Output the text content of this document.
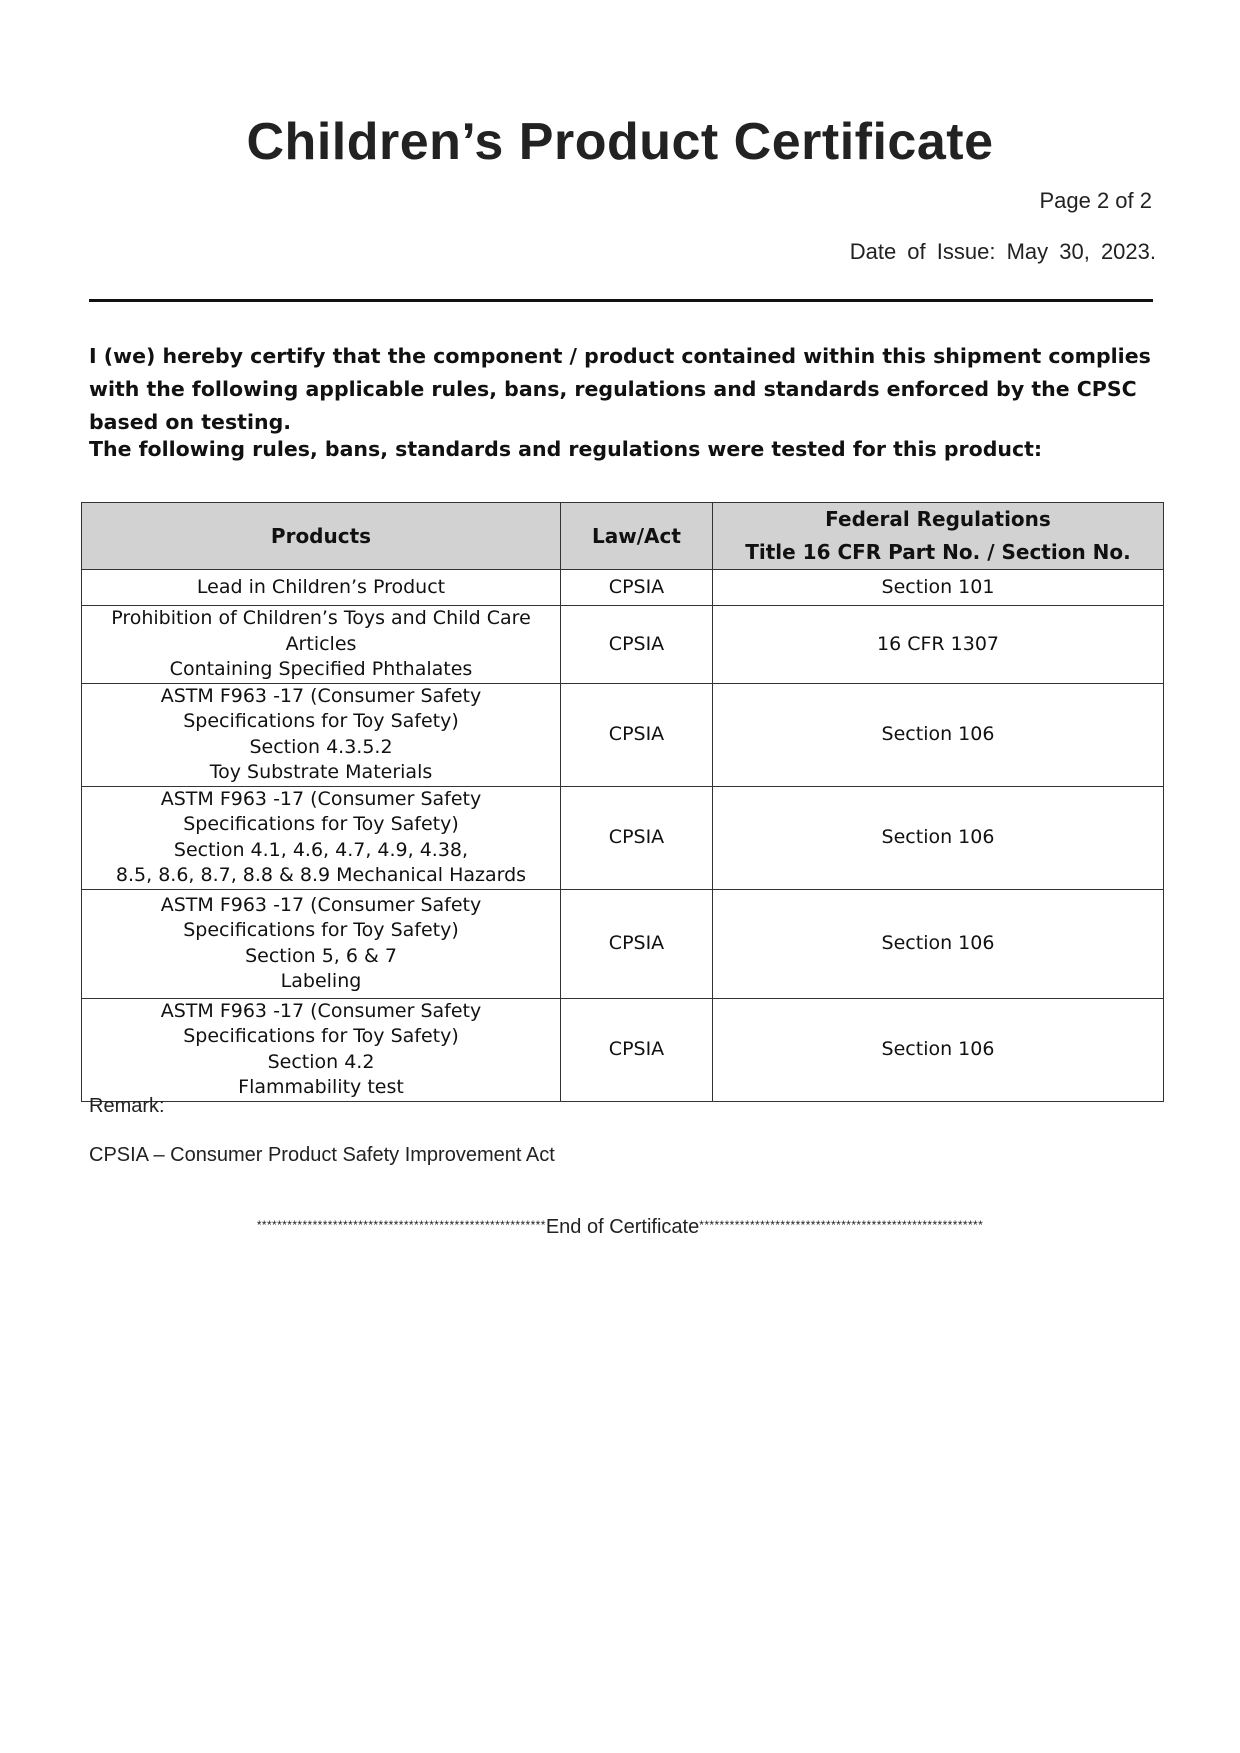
Children’s Product Certificate
Page 2 of 2
Date of Issue: May 30, 2023.
I (we) hereby certify that the component / product contained within this shipment complies with the following applicable rules, bans, regulations and standards enforced by the CPSC based on testing.
The following rules, bans, standards and regulations were tested for this product:
Products	Law/Act	Federal Regulations
Title 16 CFR Part No. / Section No.

Lead in Children’s Product	CPSIA	Section 101

Prohibition of Children’s Toys and Child Care Articles
Containing Specified Phthalates	CPSIA	16 CFR 1307

ASTM F963 -17 (Consumer Safety
Specifications for Toy Safety)
Section 4.3.5.2
Toy Substrate Materials	CPSIA	Section 106

ASTM F963 -17 (Consumer Safety
Specifications for Toy Safety)
Section 4.1, 4.6, 4.7, 4.9, 4.38,
8.5, 8.6, 8.7, 8.8 & 8.9 Mechanical Hazards	CPSIA	Section 106

ASTM F963 -17 (Consumer Safety
Specifications for Toy Safety)
Section 5, 6 & 7
Labeling	CPSIA	Section 106

ASTM F963 -17 (Consumer Safety
Specifications for Toy Safety)
Section 4.2
Flammability test	CPSIA	Section 106
Remark:
CPSIA – Consumer Product Safety Improvement Act
*********************************************************End of Certificate********************************************************
